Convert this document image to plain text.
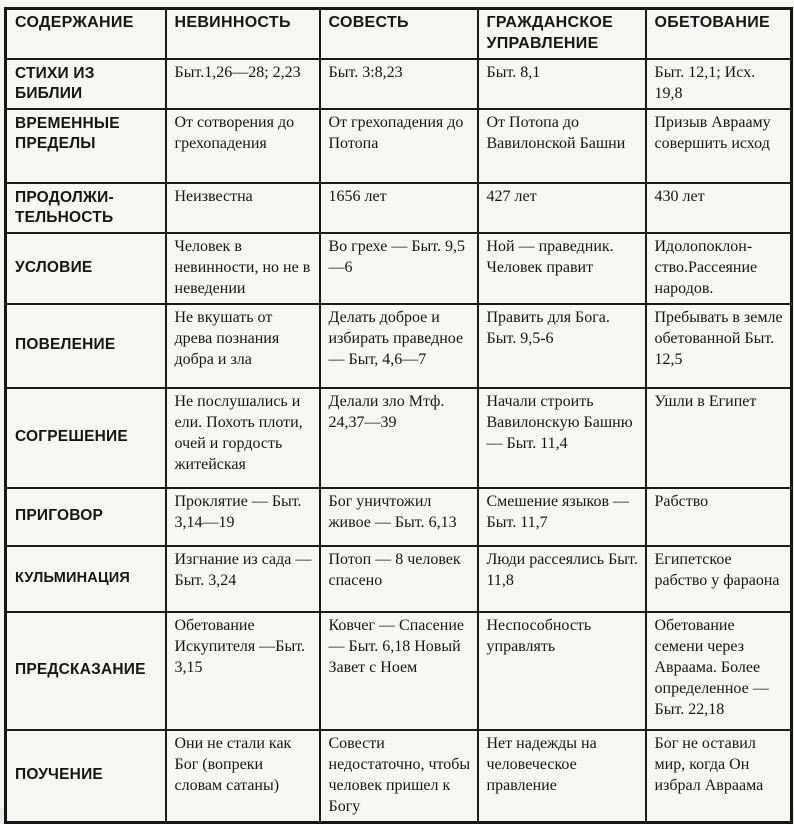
СОДЕРЖАНИЕ	НЕВИННОСТЬ	СОВЕСТЬ	ГРАЖДАНСКОЕ УПРАВЛЕНИЕ	ОБЕТОВАНИЕ
СТИХИ ИЗ БИБЛИИ	Быт.1,26—28; 2,23	Быт. 3:8,23	Быт. 8,1	Быт. 12,1; Исх. 19,8
ВРЕМЕННЫЕ ПРЕДЕЛЫ	От сотворения до грехопадения	От грехопадения до Потопа	От Потопа до Вавилонской Башни	Призыв Аврааму совершить исход
ПРОДОЛЖИ-ТЕЛЬНОСТЬ	Неизвестна	1656 лет	427 лет	430 лет
УСЛОВИЕ	Человек в невинности, но не в неведении	Во грехе — Быт. 9,5—6	Ной — праведник. Человек правит	Идолопоклонство.Рассеяние народов.
ПОВЕЛЕНИЕ	Не вкушать от древа познания добра и зла	Делать доброе и избирать праведное — Быт, 4,6—7	Править для Бога. Быт. 9,5-6	Пребывать в земле обетованной Быт. 12,5
СОГРЕШЕНИЕ	Не послушались и ели. Похоть плоти, очей и гордость житейская	Делали зло Мтф. 24,37—39	Начали строить Вавилонскую Башню — Быт. 11,4	Ушли в Египет
ПРИГОВОР	Проклятие — Быт. 3,14—19	Бог уничтожил живое — Быт. 6,13	Смешение языков — Быт. 11,7	Рабство
КУЛЬМИНАЦИЯ	Изгнание из сада — Быт. 3,24	Потоп — 8 человек спасено	Люди рассеялись Быт. 11,8	Египетское рабство у фараона
ПРЕДСКАЗАНИЕ	Обетование Искупителя —Быт. 3,15	Ковчег — Спасение — Быт. 6,18 Новый Завет с Ноем	Неспособность управлять	Обетование семени через Авраама. Более определенное —Быт. 22,18
ПОУЧЕНИЕ	Они не стали как Бог (вопреки словам сатаны)	Совести недостаточно, чтобы человек пришел к Богу	Нет надежды на человеческое правление	Бог не оставил мир, когда Он избрал Авраама
